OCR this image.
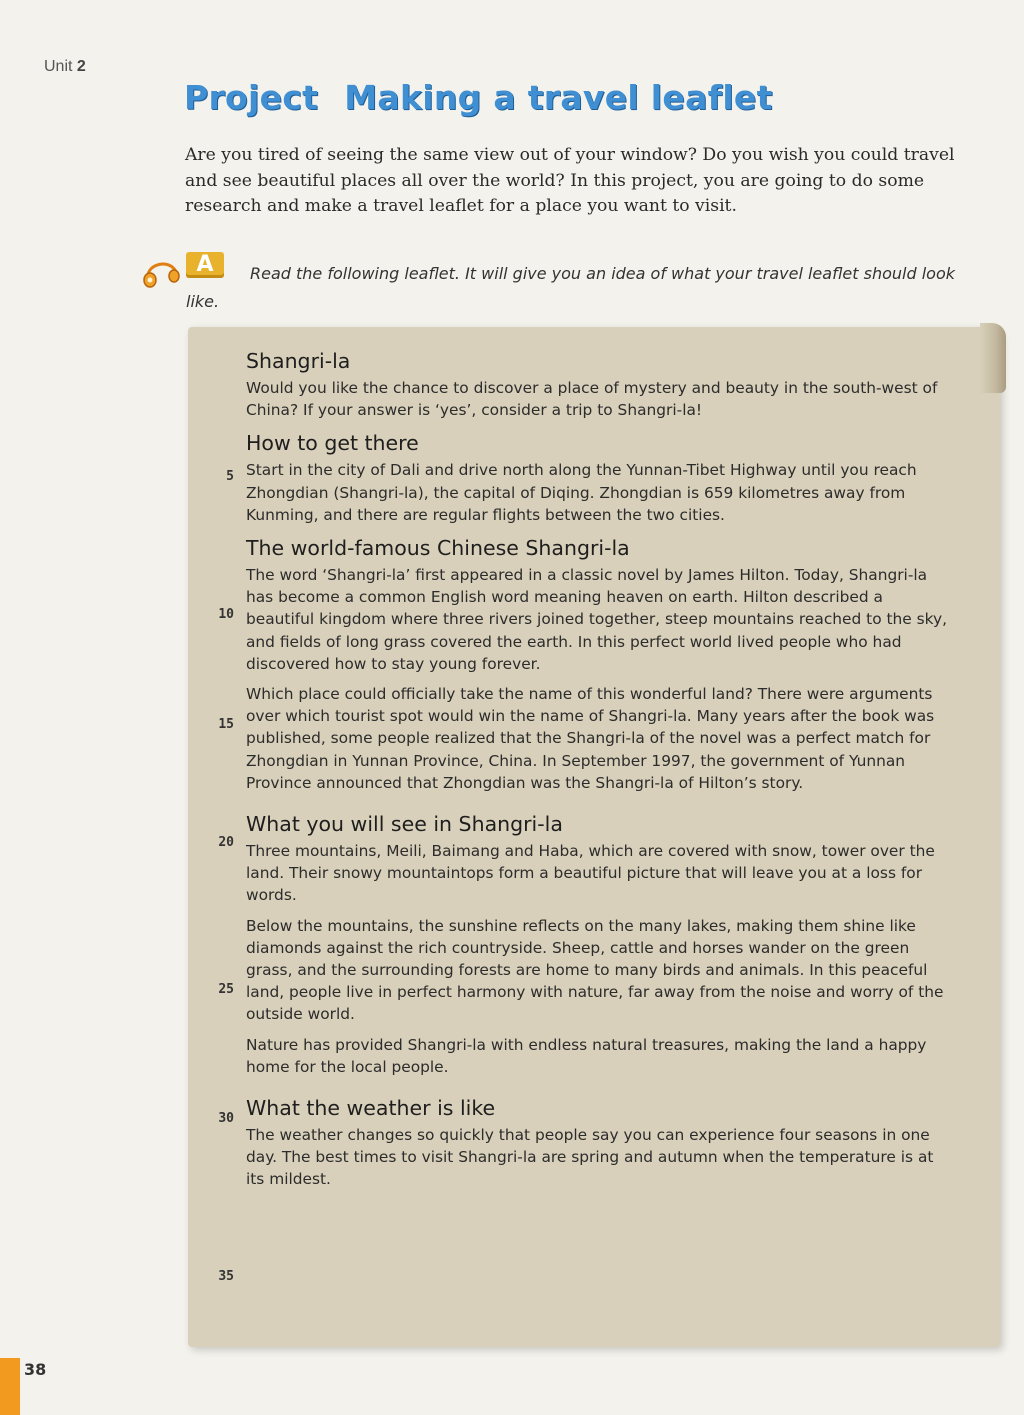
Unit 2
Project Making a travel leaflet

Are you tired of seeing the same view out of your window? Do you wish you could travel and see beautiful places all over the world? In this project, you are going to do some research and make a travel leaflet for a place you want to visit.

A	Read the following leaflet. It will give you an idea of what your travel leaflet should look like.

5
10
15
20
25
30
35
Shangri-la

Would you like the chance to discover a place of mystery and beauty in the south-west of China? If your answer is ‘yes’, consider a trip to Shangri-la!

How to get there

Start in the city of Dali and drive north along the Yunnan-Tibet Highway until you reach Zhongdian (Shangri-la), the capital of Diqing. Zhongdian is 659 kilometres away from Kunming, and there are regular flights between the two cities.

The world-famous Chinese Shangri-la

The word ‘Shangri-la’ first appeared in a classic novel by James Hilton. Today, Shangri-la has become a common English word meaning heaven on earth. Hilton described a beautiful kingdom where three rivers joined together, steep mountains reached to the sky, and fields of long grass covered the earth. In this perfect world lived people who had discovered how to stay young forever.

Which place could officially take the name of this wonderful land? There were arguments over which tourist spot would win the name of Shangri-la. Many years after the book was published, some people realized that the Shangri-la of the novel was a perfect match for Zhongdian in Yunnan Province, China. In September 1997, the government of Yunnan Province announced that Zhongdian was the Shangri-la of Hilton’s story.

What you will see in Shangri-la

Three mountains, Meili, Baimang and Haba, which are covered with snow, tower over the land. Their snowy mountaintops form a beautiful picture that will leave you at a loss for words.

Below the mountains, the sunshine reflects on the many lakes, making them shine like diamonds against the rich countryside. Sheep, cattle and horses wander on the green grass, and the surrounding forests are home to many birds and animals. In this peaceful land, people live in perfect harmony with nature, far away from the noise and worry of the outside world.

Nature has provided Shangri-la with endless natural treasures, making the land a happy home for the local people.

What the weather is like

The weather changes so quickly that people say you can experience four seasons in one day. The best times to visit Shangri-la are spring and autumn when the temperature is at its mildest.

38
